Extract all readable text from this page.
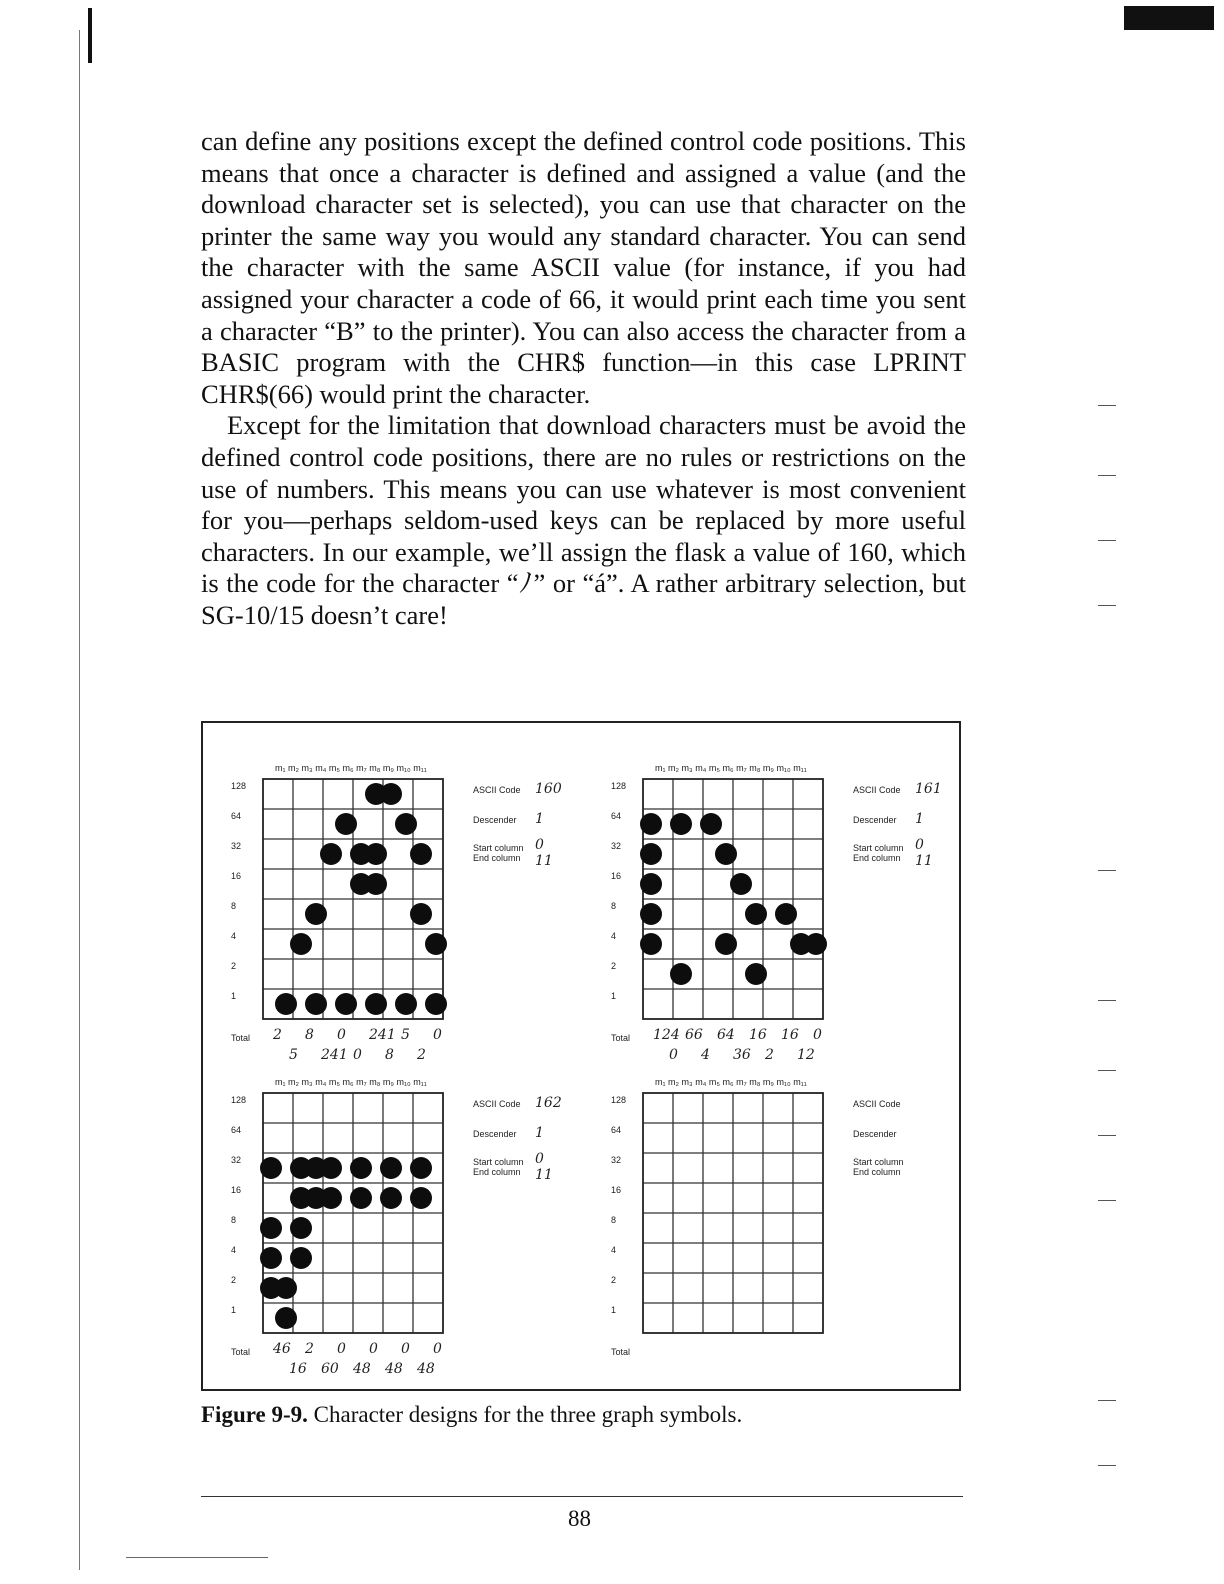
can define any positions except the defined control code positions. This means that once a character is defined and assigned a value (and the download character set is selected), you can use that character on the printer the same way you would any standard character. You can send the character with the same ASCII value (for instance, if you had assigned your character a code of 66, it would print each time you sent a character “B” to the printer). You can also access the character from a BASIC program with the CHR$ function—in this case LPRINT CHR$(66) would print the character.

Except for the limitation that download characters must be avoid the defined control code positions, there are no rules or restrictions on the use of numbers. This means you can use whatever is most convenient for you—perhaps seldom-used keys can be replaced by more useful characters. In our example, we’ll assign the flask a value of 160, which is the code for the character “ﾉ” or “á”. A rather arbitrary selection, but SG-10/15 doesn’t care!

m₁ m₂ m₃ m₄ m₅ m₆ m₇ m₈ m₉ m₁₀ m₁₁
128
64
32
16
8
4
2
1
Total 2 8 0 241 5 0
5 241 0 8 2
ASCII Code 160
Descender 1
Start column 0
End column 11
m₁ m₂ m₃ m₄ m₅ m₆ m₇ m₈ m₉ m₁₀ m₁₁
128
64
32
16
8
4
2
1
Total 124 66 64 16 16 0
0 4 36 2 12
ASCII Code 161
Descender 1
Start column 0
End column 11
m₁ m₂ m₃ m₄ m₅ m₆ m₇ m₈ m₉ m₁₀ m₁₁
128
64
32
16
8
4
2
1
Total 46 2 0 0 0 0
16 60 48 48 48
ASCII Code 162
Descender 1
Start column 0
End column 11
m₁ m₂ m₃ m₄ m₅ m₆ m₇ m₈ m₉ m₁₀ m₁₁
128
64
32
16
8
4
2
1
Total
ASCII Code
Descender
Start column
End column
Figure 9-9. Character designs for the three graph symbols.
88
